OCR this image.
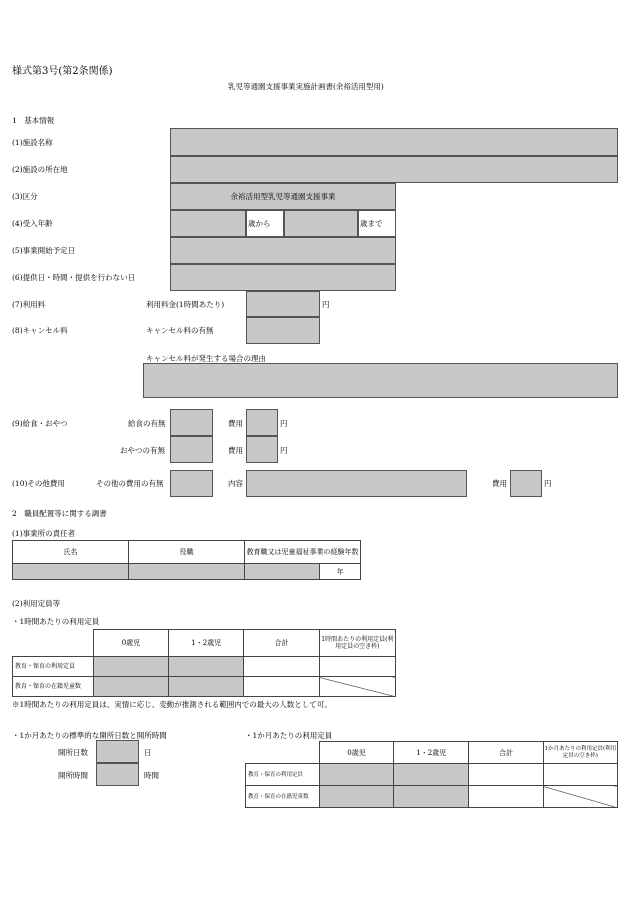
様式第3号(第2条関係)
乳児等通園支援事業実施計画書(余裕活用型用)
1　基本情報
(1)施設名称
(2)施設の所在地
(3)区分	余裕活用型乳児等通園支援事業
(4)受入年齢	歳から	歳まで
(5)事業開始予定日
(6)提供日・時間・提供を行わない日
(7)利用料	利用料金(1時間あたり)	円
(8)キャンセル料	キャンセル料の有無
キャンセル料が発生する場合の理由
(9)給食・おやつ	給食の有無	費用	円
おやつの有無	費用	円
(10)その他費用	その他の費用の有無	内容	費用	円
2　職員配置等に関する調書
(1)事業所の責任者
氏名	役職	教育職又は児童福祉事業の経験年数	
			年
(2)利用定員等
・1時間あたりの利用定員
	0歳児	1・2歳児	合計	1時間あたりの利用定員(利用定員の空き枠)
教育・保育の利用定員				
教育・保育の在籍児童数				
※1時間あたりの利用定員は、実情に応じ、変動が推測される範囲内での最大の人数として可。
・1か月あたりの標準的な開所日数と開所時間
開所日数	日
開所時間	時間
・1か月あたりの利用定員
	0歳児	1・2歳児	合計	1か月あたりの利用定員(利用定員の空き枠)
教育・保育の利用定員				
教育・保育の在籍児童数				
